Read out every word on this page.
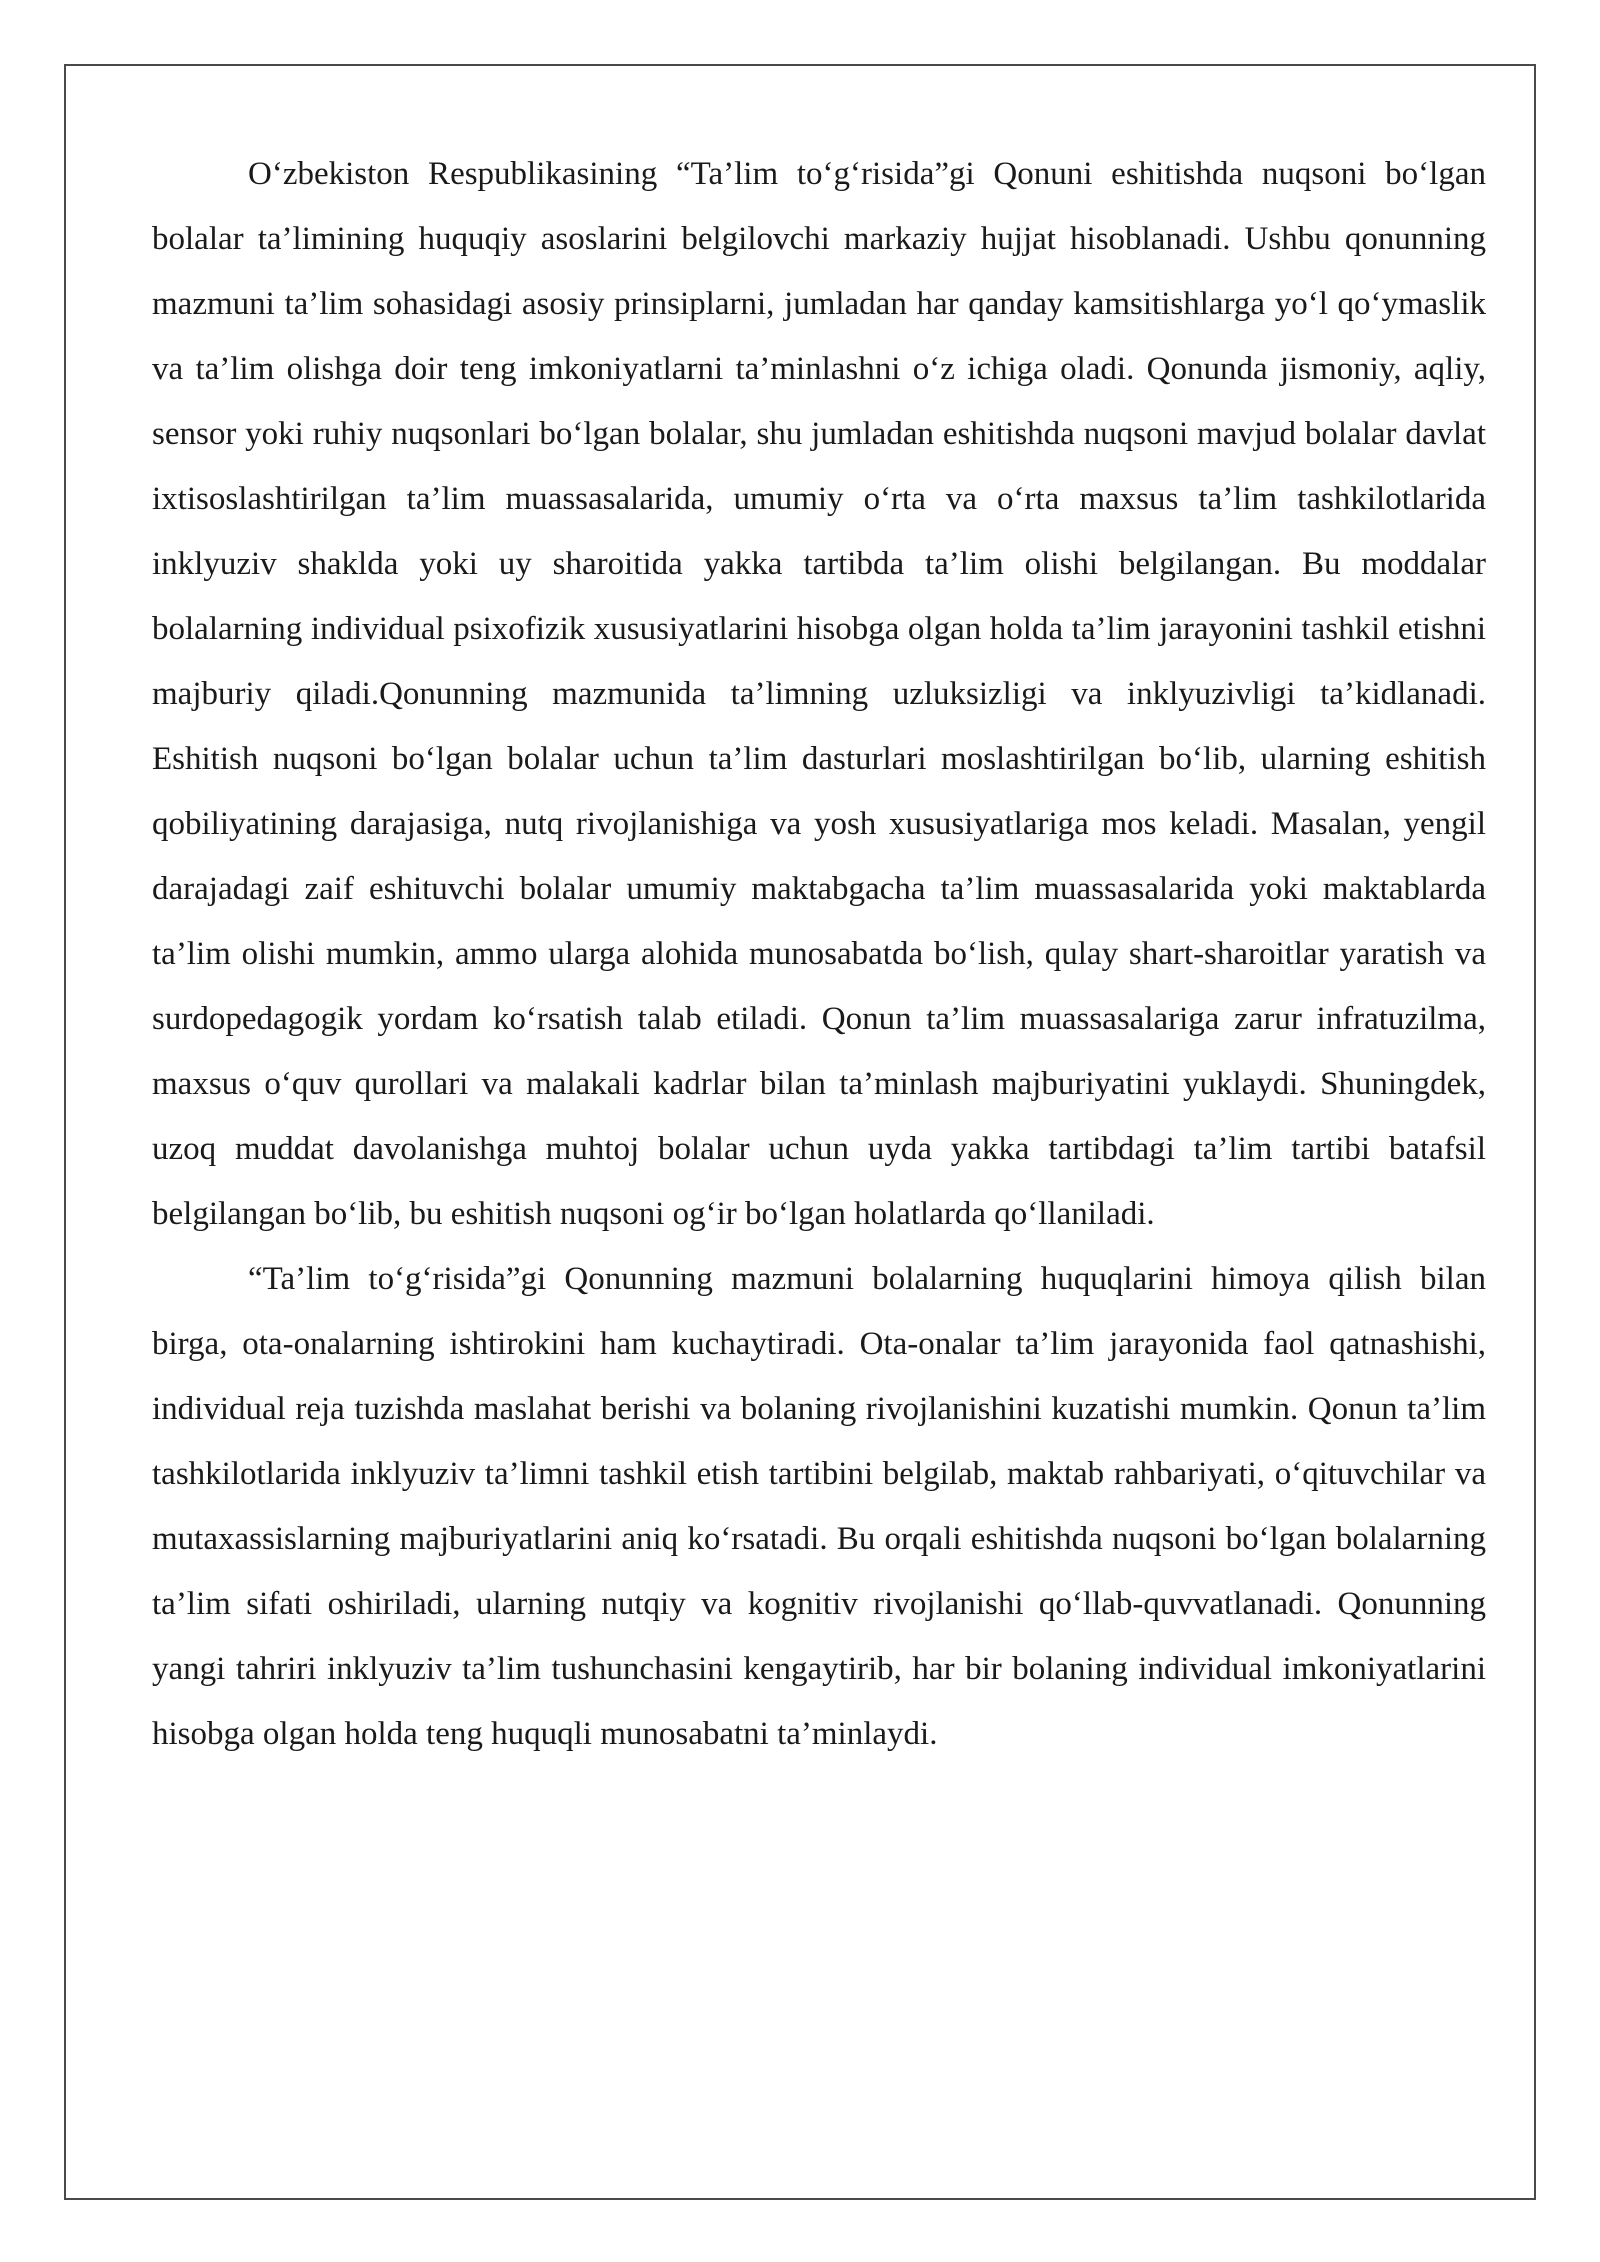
O‘zbekiston Respublikasining “Ta’lim to‘g‘risida”gi Qonuni eshitishda nuqsoni bo‘lgan bolalar ta’limining huquqiy asoslarini belgilovchi markaziy hujjat hisoblanadi. Ushbu qonunning mazmuni ta’lim sohasidagi asosiy prinsiplarni, jumladan har qanday kamsitishlarga yo‘l qo‘ymaslik va ta’lim olishga doir teng imkoniyatlarni ta’minlashni o‘z ichiga oladi. Qonunda jismoniy, aqliy, sensor yoki ruhiy nuqsonlari bo‘lgan bolalar, shu jumladan eshitishda nuqsoni mavjud bolalar davlat ixtisoslashtirilgan ta’lim muassasalarida, umumiy o‘rta va o‘rta maxsus ta’lim tashkilotlarida inklyuziv shaklda yoki uy sharoitida yakka tartibda ta’lim olishi belgilangan. Bu moddalar bolalarning individual psixofizik xususiyatlarini hisobga olgan holda ta’lim jarayonini tashkil etishni majburiy qiladi.Qonunning mazmunida ta’limning uzluksizligi va inklyuzivligi ta’kidlanadi. Eshitish nuqsoni bo‘lgan bolalar uchun ta’lim dasturlari moslashtirilgan bo‘lib, ularning eshitish qobiliyatining darajasiga, nutq rivojlanishiga va yosh xususiyatlariga mos keladi. Masalan, yengil darajadagi zaif eshituvchi bolalar umumiy maktabgacha ta’lim muassasalarida yoki maktablarda ta’lim olishi mumkin, ammo ularga alohida munosabatda bo‘lish, qulay shart-sharoitlar yaratish va surdopedagogik yordam ko‘rsatish talab etiladi. Qonun ta’lim muassasalariga zarur infratuzilma, maxsus o‘quv qurollari va malakali kadrlar bilan ta’minlash majburiyatini yuklaydi. Shuningdek, uzoq muddat davolanishga muhtoj bolalar uchun uyda yakka tartibdagi ta’lim tartibi batafsil belgilangan bo‘lib, bu eshitish nuqsoni og‘ir bo‘lgan holatlarda qo‘llaniladi.

“Ta’lim to‘g‘risida”gi Qonunning mazmuni bolalarning huquqlarini himoya qilish bilan birga, ota-onalarning ishtirokini ham kuchaytiradi. Ota-onalar ta’lim jarayonida faol qatnashishi, individual reja tuzishda maslahat berishi va bolaning rivojlanishini kuzatishi mumkin. Qonun ta’lim tashkilotlarida inklyuziv ta’limni tashkil etish tartibini belgilab, maktab rahbariyati, o‘qituvchilar va mutaxassislarning majburiyatlarini aniq ko‘rsatadi. Bu orqali eshitishda nuqsoni bo‘lgan bolalarning ta’lim sifati oshiriladi, ularning nutqiy va kognitiv rivojlanishi qo‘llab-quvvatlanadi. Qonunning yangi tahriri inklyuziv ta’lim tushunchasini kengaytirib, har bir bolaning individual imkoniyatlarini hisobga olgan holda teng huquqli munosabatni ta’minlaydi.
